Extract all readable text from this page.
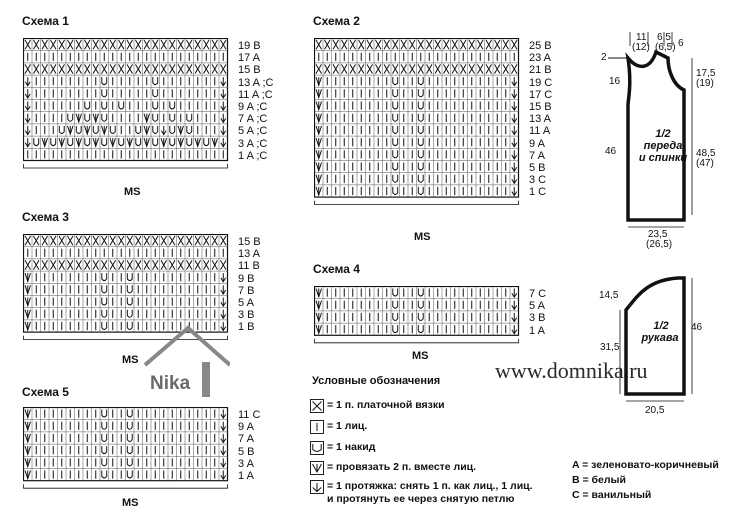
Схема 1	Схема 2
Схема 3
Схема 4
Схема 5
19 B
17 A
15 B
13 A ;C
11 A ;C
9 A ;C
7 A ;C
5 A ;C
3 A ;C
1 A ;C
25 B
23 A
21 B
19 C
17 C
15 B
13 A
11 A
9 A
7 A
5 B
3 C
1 C
15 B
13 A
11 B
9 B
7 B
5 A
3 B
1 B
7 C
5 A
3 B
1 A
11 C
9 A
7 A
5 B
3 A
1 A
MS
MS
MS	MS
MS
Nika	Условные обозначения
= 1 п. платочной вязки
= 1 лиц.
= 1 накид
= провязать 2 п. вместе лиц.
= 1 протяжка: снять 1 п. как лиц., 1 лиц.
и протянуть ее через снятую петлю
A = зеленовато-коричневый
B = белый
C = ванильный
www.domnika.ru
11
(12)
6,5
(6,5) 6
2
16
17,5
(19)
46	48,5
(47)
23,5
(26,5)
1/2
переда
и спинки
14,5
31,5
46
20,5
1/2
рукава
